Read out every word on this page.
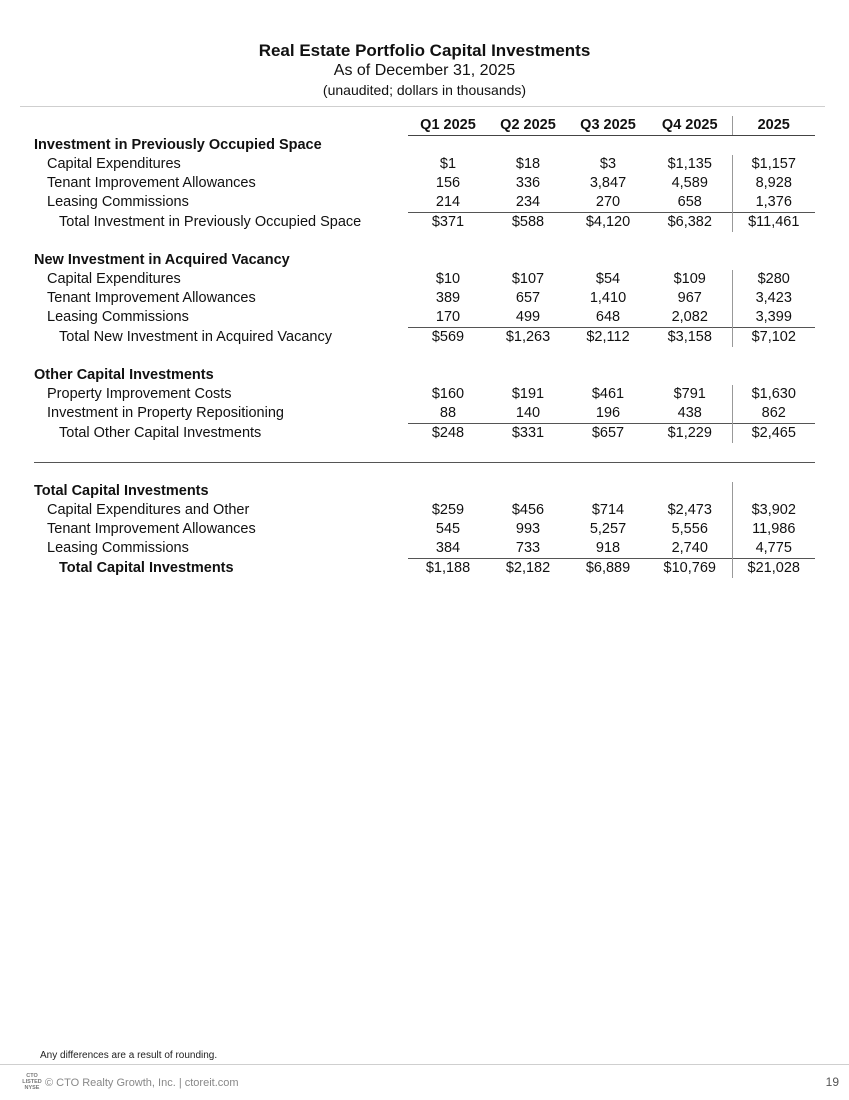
Real Estate Portfolio Capital Investments
As of December 31, 2025
(unaudited; dollars in thousands)
	Q1 2025	Q2 2025	Q3 2025	Q4 2025	2025
Investment in Previously Occupied Space					
Capital Expenditures	$1	$18	$3	$1,135	$1,157
Tenant Improvement Allowances	156	336	3,847	4,589	8,928
Leasing Commissions	214	234	270	658	1,376
Total Investment in Previously Occupied Space	$371	$588	$4,120	$6,382	$11,461

New Investment in Acquired Vacancy					
Capital Expenditures	$10	$107	$54	$109	$280
Tenant Improvement Allowances	389	657	1,410	967	3,423
Leasing Commissions	170	499	648	2,082	3,399
Total New Investment in Acquired Vacancy	$569	$1,263	$2,112	$3,158	$7,102

Other Capital Investments					
Property Improvement Costs	$160	$191	$461	$791	$1,630
Investment in Property Repositioning	88	140	196	438	862
Total Other Capital Investments	$248	$331	$657	$1,229	$2,465

Total Capital Investments					
Capital Expenditures and Other	$259	$456	$714	$2,473	$3,902
Tenant Improvement Allowances	545	993	5,257	5,556	11,986
Leasing Commissions	384	733	918	2,740	4,775
Total Capital Investments	$1,188	$2,182	$6,889	$10,769	$21,028
Any differences are a result of rounding.
CTO
LISTED
NYSE © CTO Realty Growth, Inc. | ctoreit.com	19
